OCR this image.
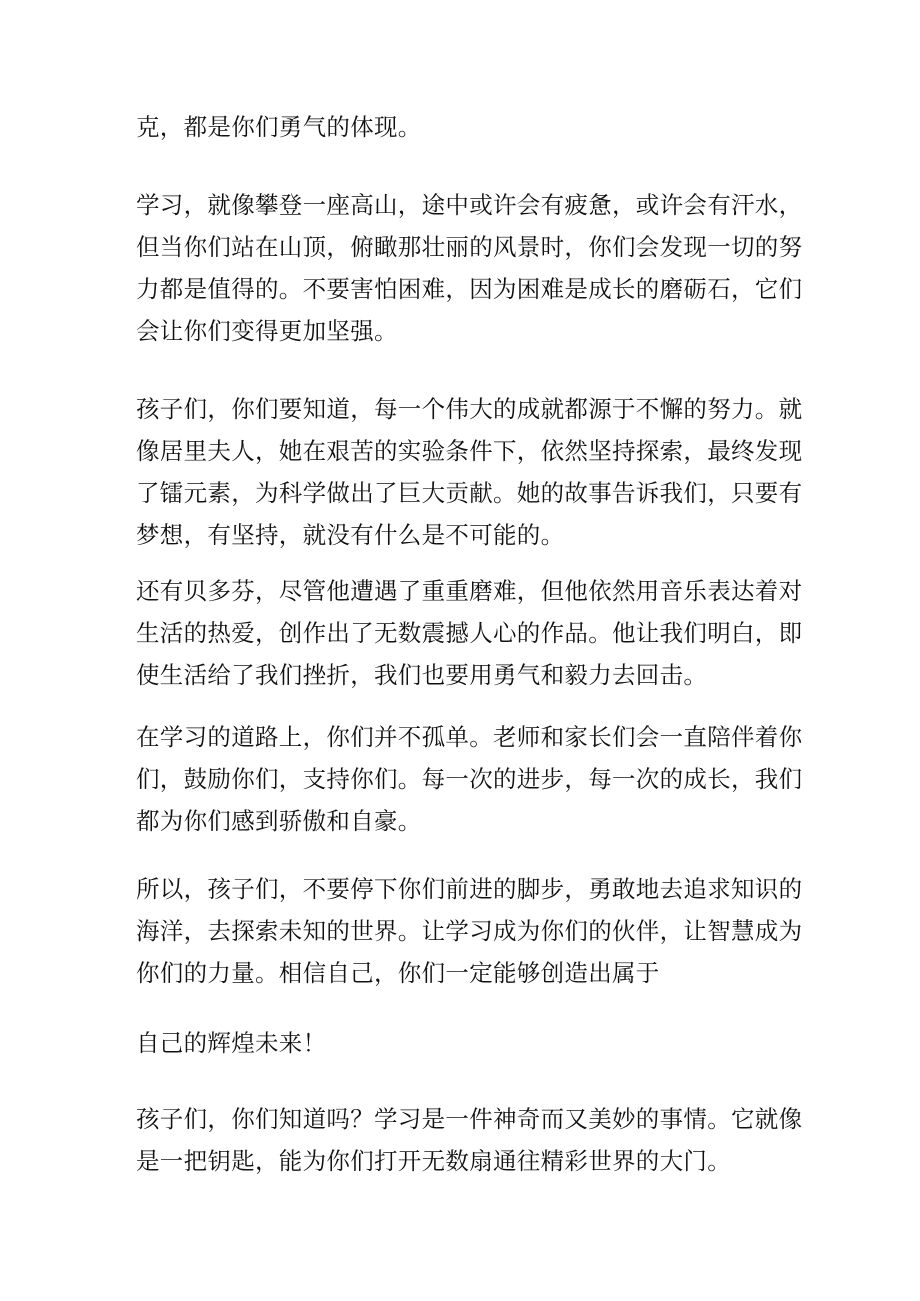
克，都是你们勇气的体现。
学习，就像攀登一座高山，途中或许会有疲惫，或许会有汗水，
但当你们站在山顶，俯瞰那壮丽的风景时，你们会发现一切的努
力都是值得的。不要害怕困难，因为困难是成长的磨砺石，它们
会让你们变得更加坚强。
孩子们，你们要知道，每一个伟大的成就都源于不懈的努力。就
像居里夫人，她在艰苦的实验条件下，依然坚持探索，最终发现
了镭元素，为科学做出了巨大贡献。她的故事告诉我们，只要有
梦想，有坚持，就没有什么是不可能的。
还有贝多芬，尽管他遭遇了重重磨难，但他依然用音乐表达着对
生活的热爱，创作出了无数震撼人心的作品。他让我们明白，即
使生活给了我们挫折，我们也要用勇气和毅力去回击。
在学习的道路上，你们并不孤单。老师和家长们会一直陪伴着你
们，鼓励你们，支持你们。每一次的进步，每一次的成长，我们
都为你们感到骄傲和自豪。
所以，孩子们，不要停下你们前进的脚步，勇敢地去追求知识的
海洋，去探索未知的世界。让学习成为你们的伙伴，让智慧成为
你们的力量。相信自己，你们一定能够创造出属于
自己的辉煌未来！
孩子们，你们知道吗？学习是一件神奇而又美妙的事情。它就像
是一把钥匙，能为你们打开无数扇通往精彩世界的大门。
